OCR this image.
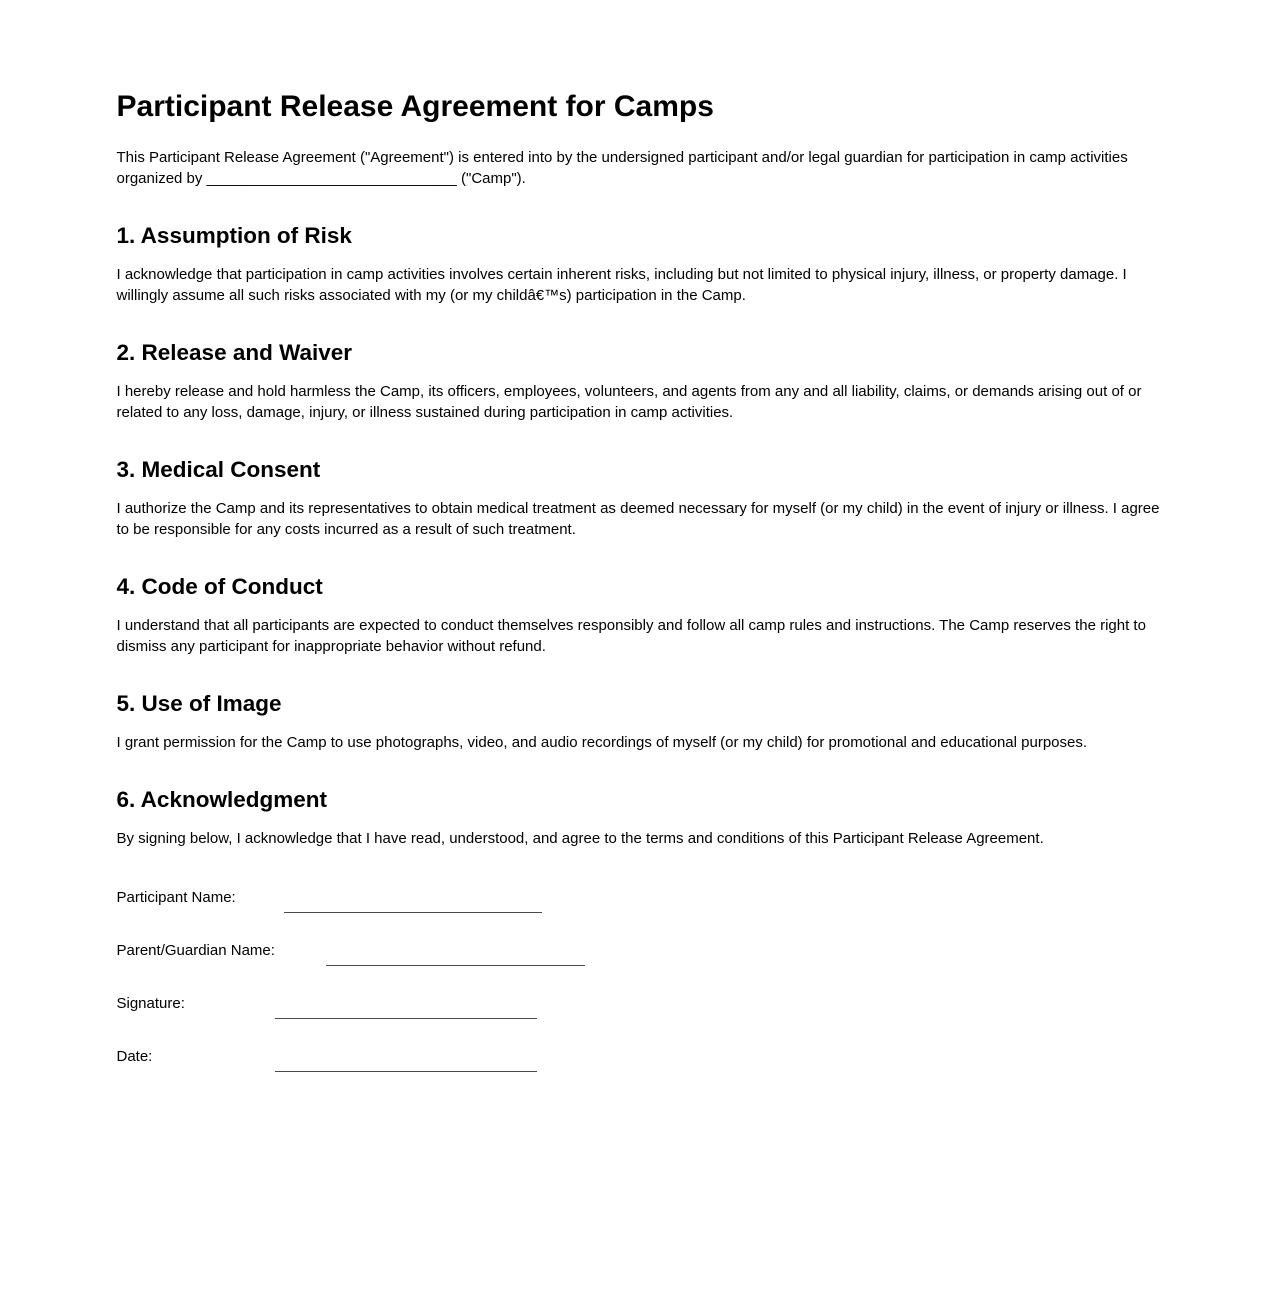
Participant Release Agreement for Camps

This Participant Release Agreement ("Agreement") is entered into by the undersigned participant and/or legal guardian for participation in camp activities organized by ______________________________ ("Camp").

1. Assumption of Risk

I acknowledge that participation in camp activities involves certain inherent risks, including but not limited to physical injury, illness, or property damage. I willingly assume all such risks associated with my (or my childâ€™s) participation in the Camp.

2. Release and Waiver

I hereby release and hold harmless the Camp, its officers, employees, volunteers, and agents from any and all liability, claims, or demands arising out of or related to any loss, damage, injury, or illness sustained during participation in camp activities.

3. Medical Consent

I authorize the Camp and its representatives to obtain medical treatment as deemed necessary for myself (or my child) in the event of injury or illness. I agree to be responsible for any costs incurred as a result of such treatment.

4. Code of Conduct

I understand that all participants are expected to conduct themselves responsibly and follow all camp rules and instructions. The Camp reserves the right to dismiss any participant for inappropriate behavior without refund.

5. Use of Image

I grant permission for the Camp to use photographs, video, and audio recordings of myself (or my child) for promotional and educational purposes.

6. Acknowledgment

By signing below, I acknowledge that I have read, understood, and agree to the terms and conditions of this Participant Release Agreement.

Participant Name:
Parent/Guardian Name:
Signature:
Date:
